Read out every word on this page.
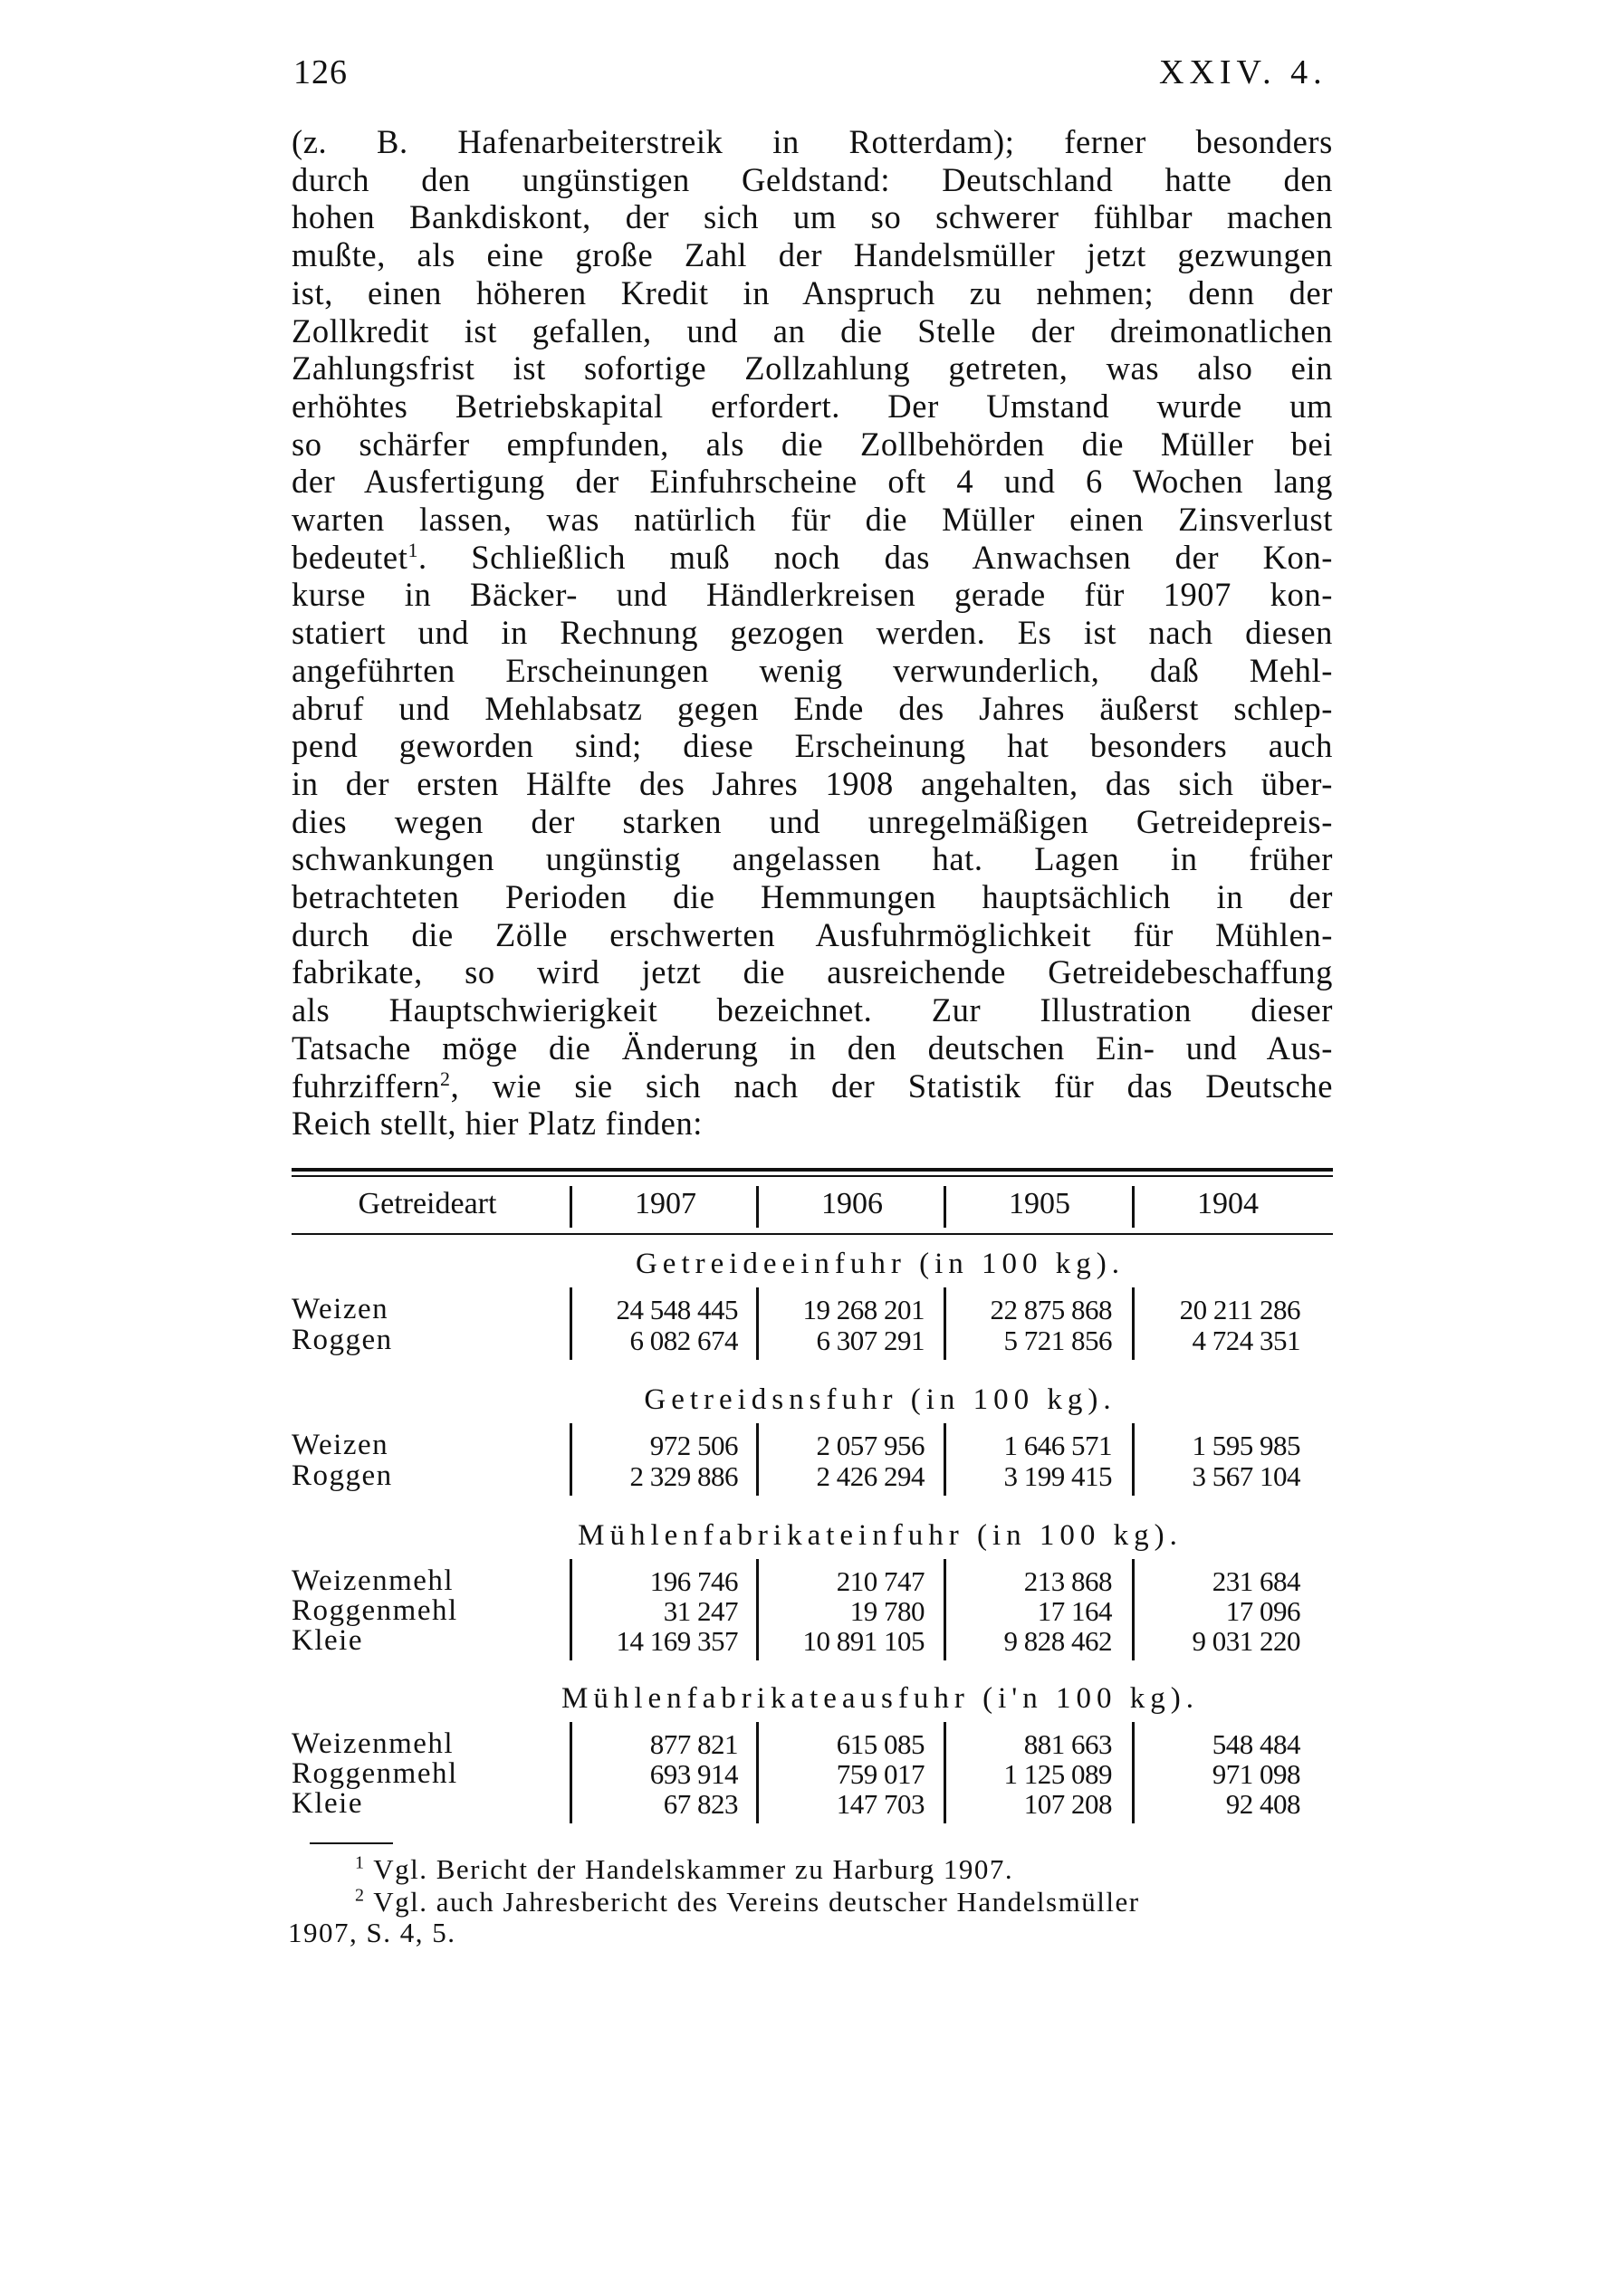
126	XXIV. 4.

(z. B. Hafenarbeiterstreik in Rotterdam); ferner besonders
durch den ungünstigen Geldstand: Deutschland hatte den
hohen Bankdiskont, der sich um so schwerer fühlbar machen
mußte, als eine große Zahl der Handelsmüller jetzt gezwungen
ist, einen höheren Kredit in Anspruch zu nehmen; denn der
Zollkredit ist gefallen, und an die Stelle der dreimonatlichen
Zahlungsfrist ist sofortige Zollzahlung getreten, was also ein
erhöhtes Betriebskapital erfordert. Der Umstand wurde um
so schärfer empfunden, als die Zollbehörden die Müller bei
der Ausfertigung der Einfuhrscheine oft 4 und 6 Wochen lang
warten lassen, was natürlich für die Müller einen Zinsverlust
bedeutet$^1$. Schließlich muß noch das Anwachsen der Kon-
kurse in Bäcker- und Händlerkreisen gerade für 1907 kon-
statiert und in Rechnung gezogen werden. Es ist nach diesen
angeführten Erscheinungen wenig verwunderlich, daß Mehl-
abruf und Mehlabsatz gegen Ende des Jahres äußerst schlep-
pend geworden sind; diese Erscheinung hat besonders auch
in der ersten Hälfte des Jahres 1908 angehalten, das sich über-
dies wegen der starken und unregelmäßigen Getreidepreis-
schwankungen ungünstig angelassen hat. Lagen in früher
betrachteten Perioden die Hemmungen hauptsächlich in der
durch die Zölle erschwerten Ausfuhrmöglichkeit für Mühlen-
fabrikate, so wird jetzt die ausreichende Getreidebeschaffung
als Hauptschwierigkeit bezeichnet. Zur Illustration dieser
Tatsache möge die Änderung in den deutschen Ein- und Aus-
fuhrziffern$^2$, wie sie sich nach der Statistik für das Deutsche
Reich stellt, hier Platz finden:

Getreideart	1907	1906	1905	1904
Getreideeinfuhr (in 100 kg).
Weizen	24 548 445	19 268 201	22 875 868	20 211 286
Roggen	6 082 674	6 307 291	5 721 856	4 724 351
Getreidsnsfuhr (in 100 kg).
Weizen	972 506	2 057 956	1 646 571	1 595 985
Roggen	2 329 886	2 426 294	3 199 415	3 567 104
Mühlenfabrikateinfuhr (in 100 kg).
Weizenmehl	196 746	210 747	213 868	231 684
Roggenmehl	31 247	19 780	17 164	17 096
Kleie	14 169 357	10 891 105	9 828 462	9 031 220
Mühlenfabrikateausfuhr (i'n 100 kg).
Weizenmehl	877 821	615 085	881 663	548 484
Roggenmehl	693 914	759 017	1 125 089	971 098
Kleie	67 823	147 703	107 208	92 408
$^1$ Vgl. Bericht der Handelskammer zu Harburg 1907.
$^2$ Vgl. auch Jahresbericht des Vereins deutscher Handelsmüller
1907, S. 4, 5.
